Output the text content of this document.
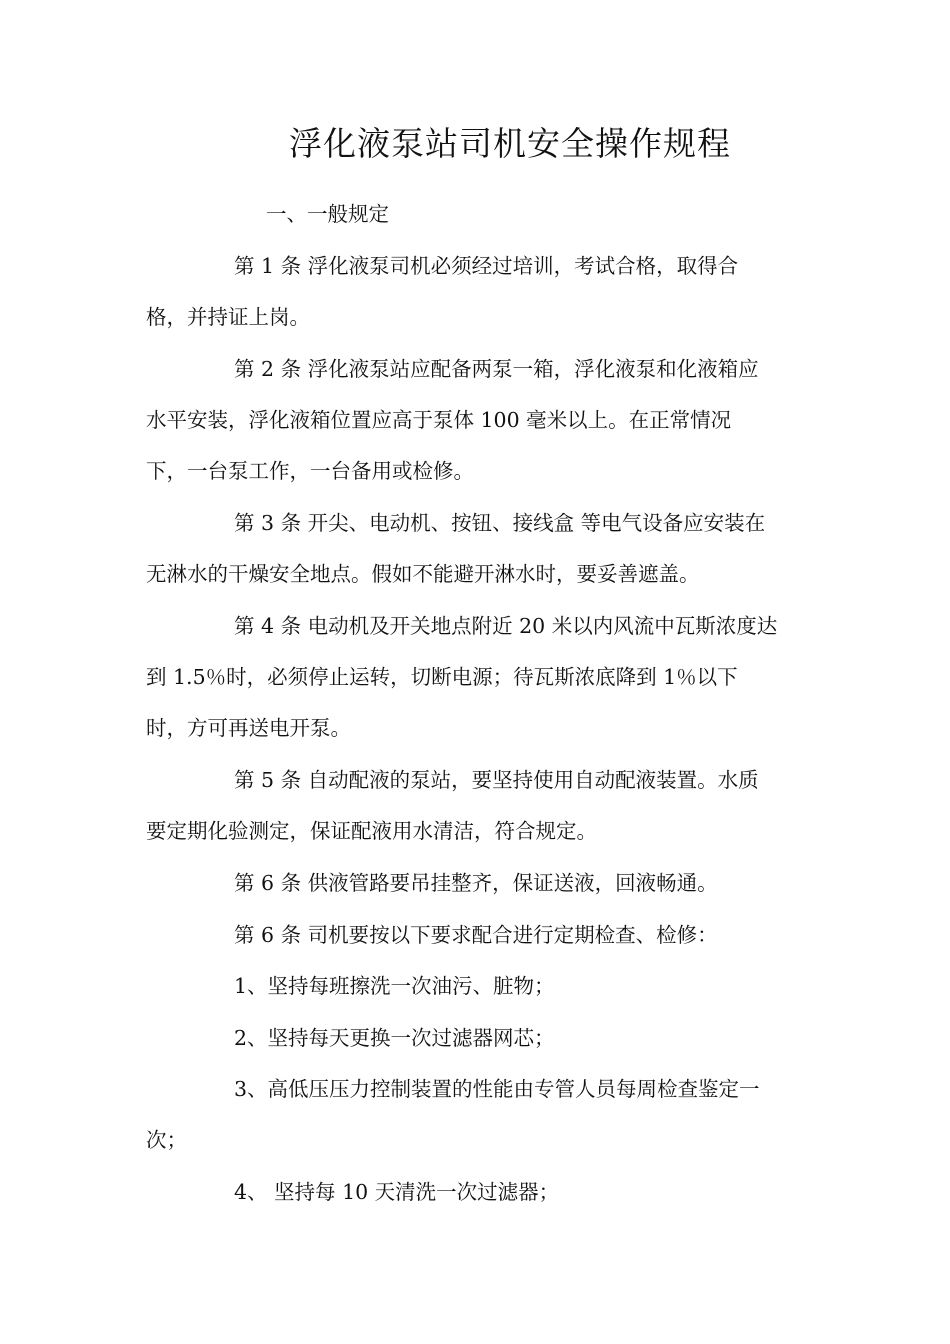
浮化液泵站司机安全操作规程

一、一般规定

第 1 条 浮化液泵司机必须经过培训，考试合格，取得合

格，并持证上岗。

第 2 条 浮化液泵站应配备两泵一箱，浮化液泵和化液箱应

水平安装，浮化液箱位置应高于泵体 100 毫米以上。在正常情况

下，一台泵工作，一台备用或检修。

第 3 条 开尖、电动机、按钮、接线盒 等电气设备应安装在

无淋水的干燥安全地点。假如不能避开淋水时，要妥善遮盖。

第 4 条 电动机及开关地点附近 20 米以内风流中瓦斯浓度达

到 1.5％时，必须停止运转，切断电源；待瓦斯浓底降到 1％以下

时，方可再送电开泵。

第 5 条 自动配液的泵站，要坚持使用自动配液装置。水质

要定期化验测定，保证配液用水清洁，符合规定。

第 6 条 供液管路要吊挂整齐，保证送液，回液畅通。

第 6 条 司机要按以下要求配合进行定期检查、检修：

1、坚持每班擦洗一次油污、脏物；

2、坚持每天更换一次过滤器网芯；

3、高低压压力控制装置的性能由专管人员每周检查鉴定一

次；

4、 坚持每 10 天清洗一次过滤器；
